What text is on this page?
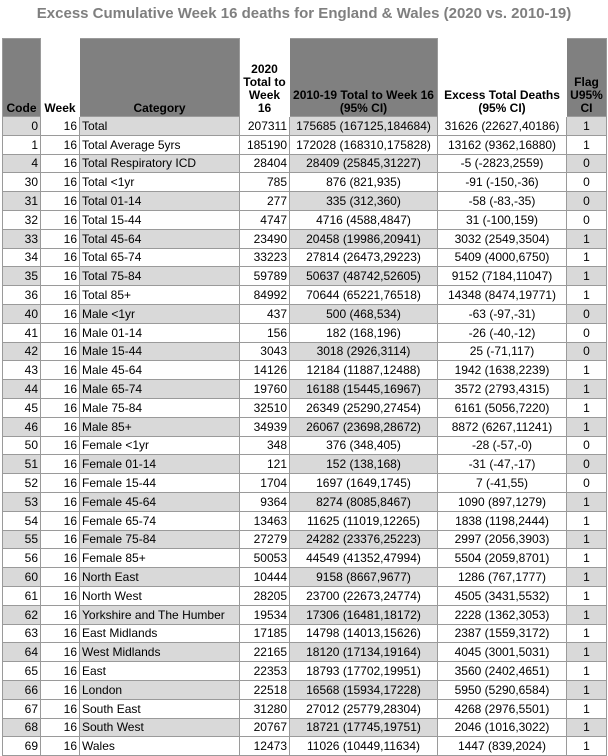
Excess Cumulative Week 16 deaths for England & Wales (2020 vs. 2010-19)
Code	Week	Category	2020 Total to Week 16	2010-19 Total to Week 16 (95% CI)	Excess Total Deaths (95% CI)	Flag U95% CI
0	16	Total	207311	175685 (167125,184684)	31626 (22627,40186)	1
1	16	Total Average 5yrs	185190	172028 (168310,175828)	13162 (9362,16880)	1
4	16	Total Respiratory ICD	28404	28409 (25845,31227)	-5 (-2823,2559)	0
30	16	Total <1yr	785	876 (821,935)	-91 (-150,-36)	0
31	16	Total 01-14	277	335 (312,360)	-58 (-83,-35)	0
32	16	Total 15-44	4747	4716 (4588,4847)	31 (-100,159)	0
33	16	Total 45-64	23490	20458 (19986,20941)	3032 (2549,3504)	1
34	16	Total 65-74	33223	27814 (26473,29223)	5409 (4000,6750)	1
35	16	Total 75-84	59789	50637 (48742,52605)	9152 (7184,11047)	1
36	16	Total 85+	84992	70644 (65221,76518)	14348 (8474,19771)	1
40	16	Male <1yr	437	500 (468,534)	-63 (-97,-31)	0
41	16	Male 01-14	156	182 (168,196)	-26 (-40,-12)	0
42	16	Male 15-44	3043	3018 (2926,3114)	25 (-71,117)	0
43	16	Male 45-64	14126	12184 (11887,12488)	1942 (1638,2239)	1
44	16	Male 65-74	19760	16188 (15445,16967)	3572 (2793,4315)	1
45	16	Male 75-84	32510	26349 (25290,27454)	6161 (5056,7220)	1
46	16	Male 85+	34939	26067 (23698,28672)	8872 (6267,11241)	1
50	16	Female <1yr	348	376 (348,405)	-28 (-57,-0)	0
51	16	Female 01-14	121	152 (138,168)	-31 (-47,-17)	0
52	16	Female 15-44	1704	1697 (1649,1745)	7 (-41,55)	0
53	16	Female 45-64	9364	8274 (8085,8467)	1090 (897,1279)	1
54	16	Female 65-74	13463	11625 (11019,12265)	1838 (1198,2444)	1
55	16	Female 75-84	27279	24282 (23376,25223)	2997 (2056,3903)	1
56	16	Female 85+	50053	44549 (41352,47994)	5504 (2059,8701)	1
60	16	North East	10444	9158 (8667,9677)	1286 (767,1777)	1
61	16	North West	28205	23700 (22673,24774)	4505 (3431,5532)	1
62	16	Yorkshire and The Humber	19534	17306 (16481,18172)	2228 (1362,3053)	1
63	16	East Midlands	17185	14798 (14013,15626)	2387 (1559,3172)	1
64	16	West Midlands	22165	18120 (17134,19164)	4045 (3001,5031)	1
65	16	East	22353	18793 (17702,19951)	3560 (2402,4651)	1
66	16	London	22518	16568 (15934,17228)	5950 (5290,6584)	1
67	16	South East	31280	27012 (25779,28304)	4268 (2976,5501)	1
68	16	South West	20767	18721 (17745,19751)	2046 (1016,3022)	1
69	16	Wales	12473	11026 (10449,11634)	1447 (839,2024)	1
